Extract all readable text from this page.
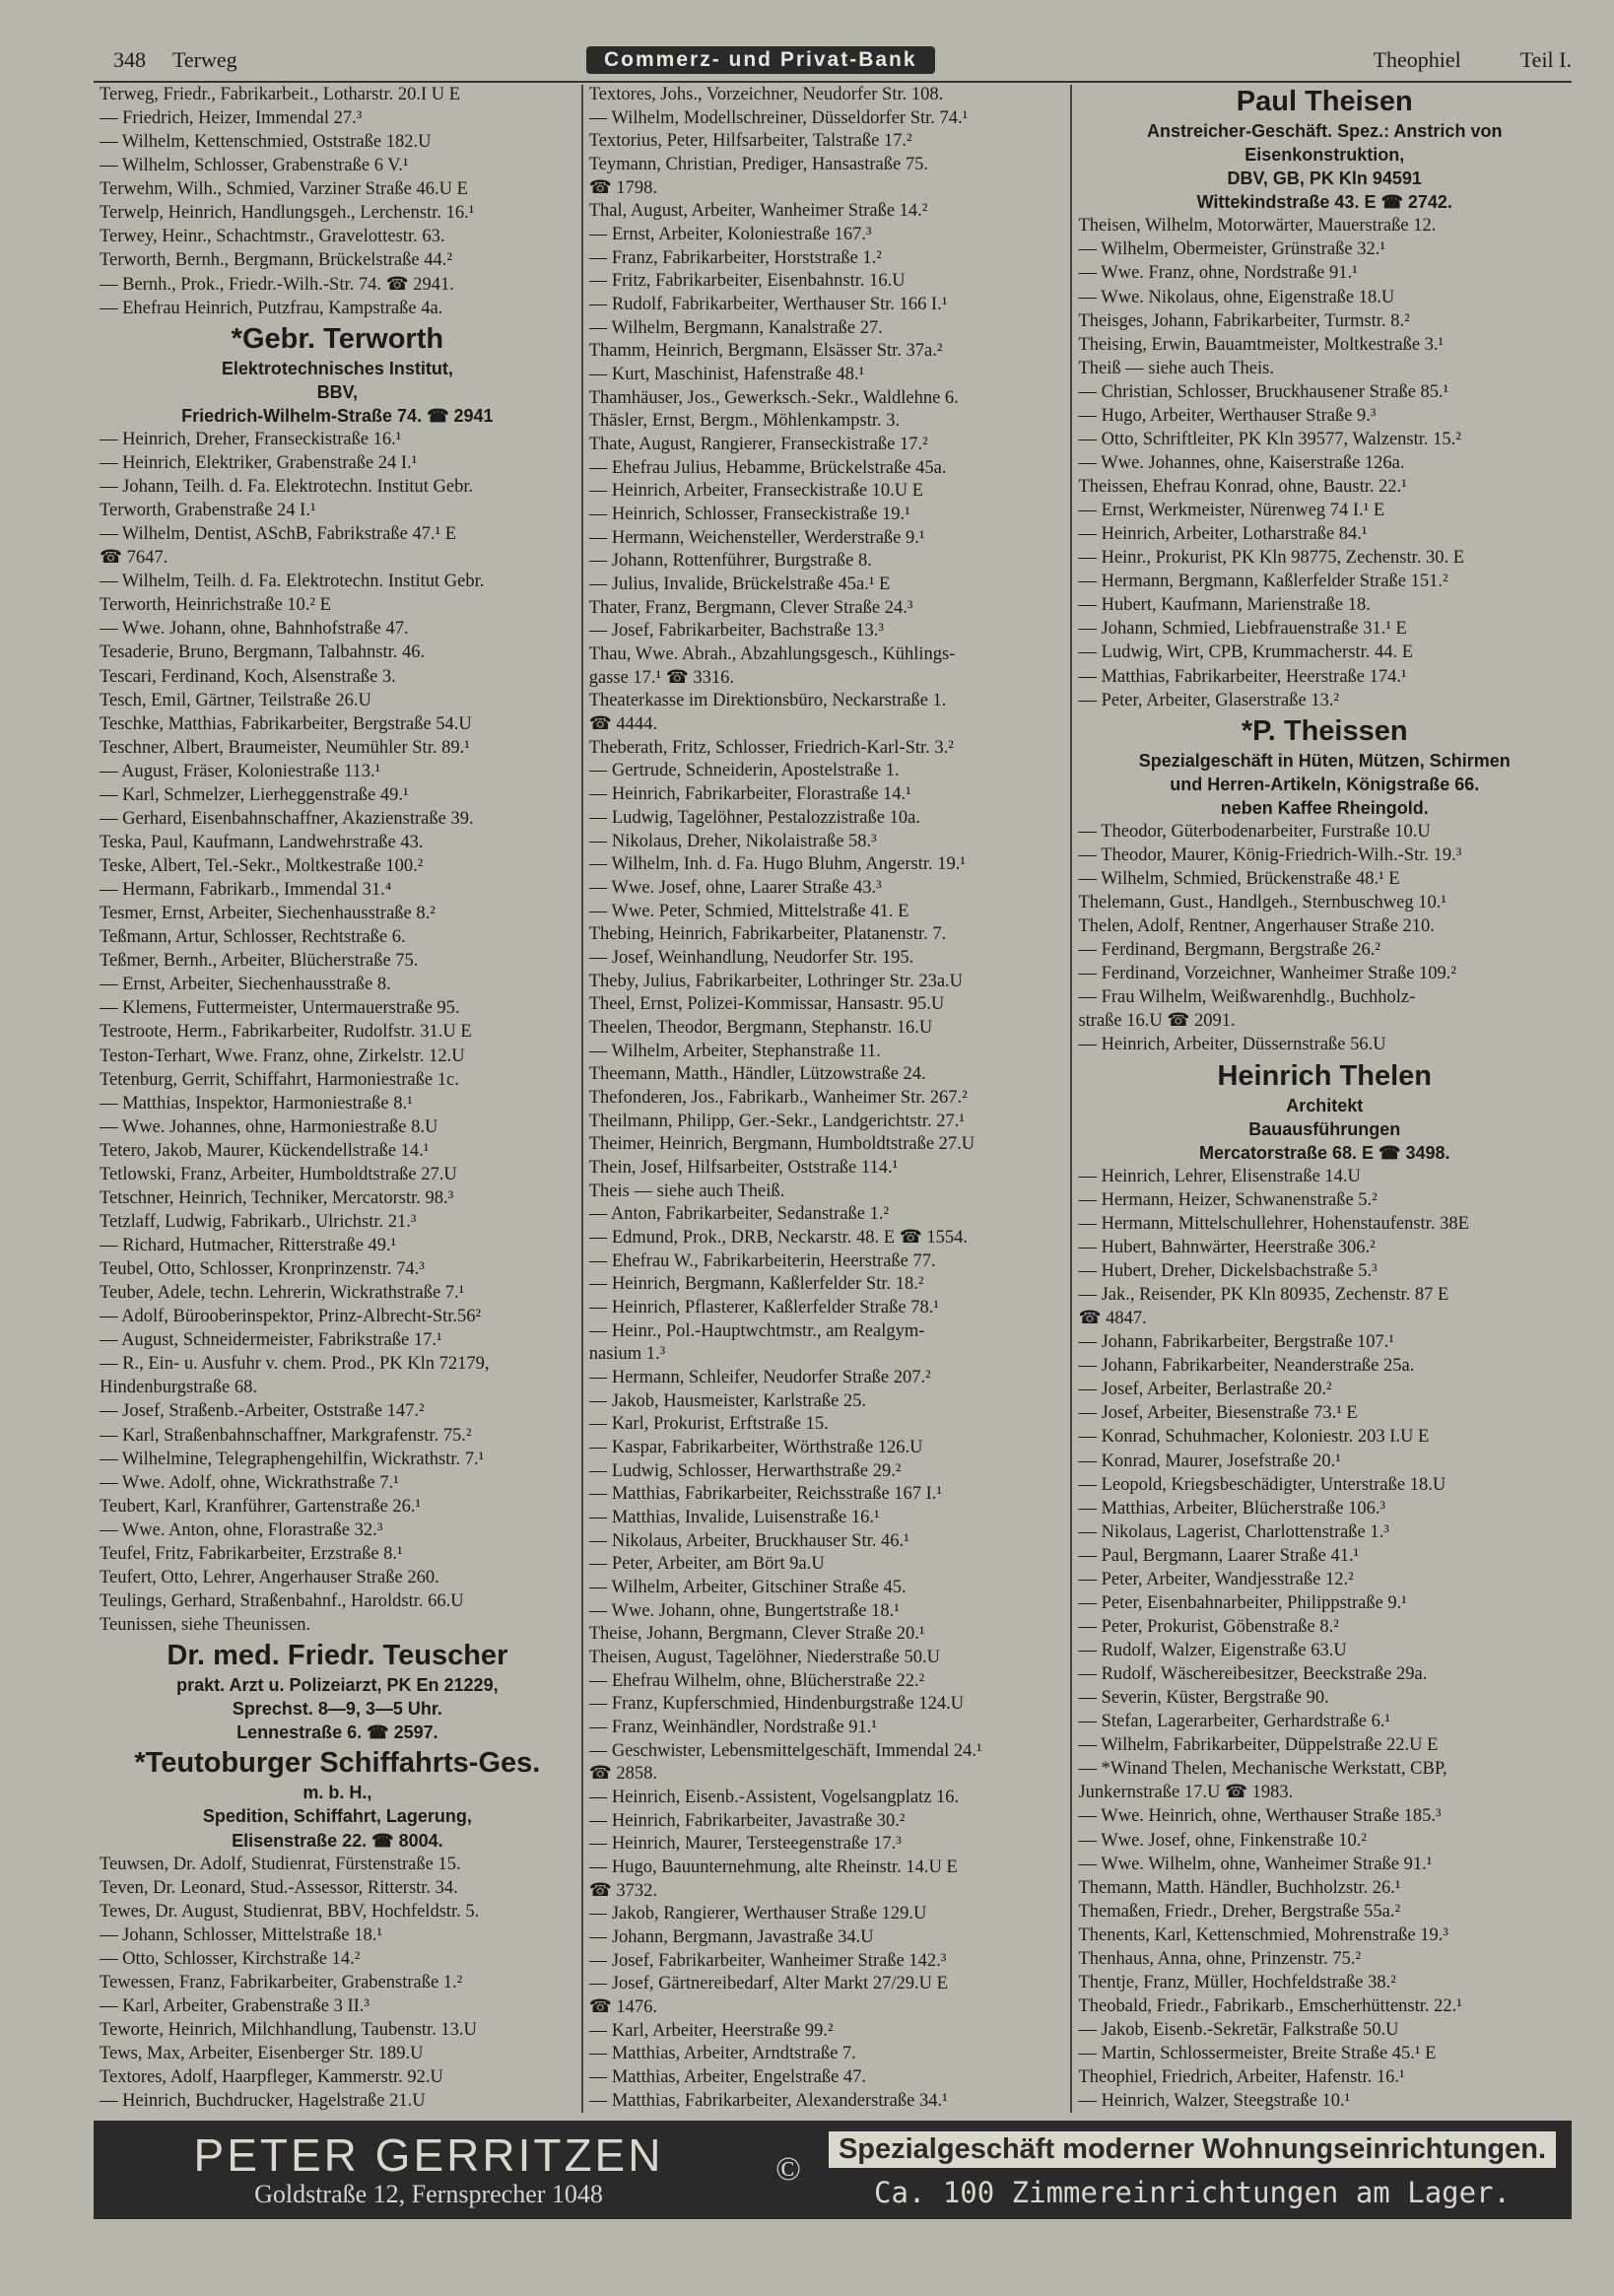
348	Terweg	Commerz- und Privat-Bank	Theophiel	Teil I.
Terweg, Friedr., Fabrikarbeit., Lotharstr. 20.I U E
— Friedrich, Heizer, Immendal 27.³
— Wilhelm, Kettenschmied, Oststraße 182.U
— Wilhelm, Schlosser, Grabenstraße 6 V.¹
Terwehm, Wilh., Schmied, Varziner Straße 46.U E
Terwelp, Heinrich, Handlungsgeh., Lerchenstr. 16.¹
Terwey, Heinr., Schachtmstr., Gravelottestr. 63.
Terworth, Bernh., Bergmann, Brückelstraße 44.²
— Bernh., Prok., Friedr.-Wilh.-Str. 74. ☎ 2941.
— Ehefrau Heinrich, Putzfrau, Kampstraße 4a.
*Gebr. Terworth
Elektrotechnisches Institut,
BBV,
Friedrich-Wilhelm-Straße 74. ☎ 2941
— Heinrich, Dreher, Franseckistraße 16.¹
— Heinrich, Elektriker, Grabenstraße 24 I.¹
— Johann, Teilh. d. Fa. Elektrotechn. Institut Gebr.
Terworth, Grabenstraße 24 I.¹
— Wilhelm, Dentist, ASchB, Fabrikstraße 47.¹ E
☎ 7647.
— Wilhelm, Teilh. d. Fa. Elektrotechn. Institut Gebr.
Terworth, Heinrichstraße 10.² E
— Wwe. Johann, ohne, Bahnhofstraße 47.
Tesaderie, Bruno, Bergmann, Talbahnstr. 46.
Tescari, Ferdinand, Koch, Alsenstraße 3.
Tesch, Emil, Gärtner, Teilstraße 26.U
Teschke, Matthias, Fabrikarbeiter, Bergstraße 54.U
Teschner, Albert, Braumeister, Neumühler Str. 89.¹
— August, Fräser, Koloniestraße 113.¹
— Karl, Schmelzer, Lierheggenstraße 49.¹
— Gerhard, Eisenbahnschaffner, Akazienstraße 39.
Teska, Paul, Kaufmann, Landwehrstraße 43.
Teske, Albert, Tel.-Sekr., Moltkestraße 100.²
— Hermann, Fabrikarb., Immendal 31.⁴
Tesmer, Ernst, Arbeiter, Siechenhausstraße 8.²
Teßmann, Artur, Schlosser, Rechtstraße 6.
Teßmer, Bernh., Arbeiter, Blücherstraße 75.
— Ernst, Arbeiter, Siechenhausstraße 8.
— Klemens, Futtermeister, Untermauerstraße 95.
Testroote, Herm., Fabrikarbeiter, Rudolfstr. 31.U E
Teston-Terhart, Wwe. Franz, ohne, Zirkelstr. 12.U
Tetenburg, Gerrit, Schiffahrt, Harmoniestraße 1c.
— Matthias, Inspektor, Harmoniestraße 8.¹
— Wwe. Johannes, ohne, Harmoniestraße 8.U
Tetero, Jakob, Maurer, Kückendellstraße 14.¹
Tetlowski, Franz, Arbeiter, Humboldtstraße 27.U
Tetschner, Heinrich, Techniker, Mercatorstr. 98.³
Tetzlaff, Ludwig, Fabrikarb., Ulrichstr. 21.³
— Richard, Hutmacher, Ritterstraße 49.¹
Teubel, Otto, Schlosser, Kronprinzenstr. 74.³
Teuber, Adele, techn. Lehrerin, Wickrathstraße 7.¹
— Adolf, Bürooberinspektor, Prinz-Albrecht-Str.56²
— August, Schneidermeister, Fabrikstraße 17.¹
— R., Ein- u. Ausfuhr v. chem. Prod., PK Kln 72179,
Hindenburgstraße 68.
— Josef, Straßenb.-Arbeiter, Oststraße 147.²
— Karl, Straßenbahnschaffner, Markgrafenstr. 75.²
— Wilhelmine, Telegraphengehilfin, Wickrathstr. 7.¹
— Wwe. Adolf, ohne, Wickrathstraße 7.¹
Teubert, Karl, Kranführer, Gartenstraße 26.¹
— Wwe. Anton, ohne, Florastraße 32.³
Teufel, Fritz, Fabrikarbeiter, Erzstraße 8.¹
Teufert, Otto, Lehrer, Angerhauser Straße 260.
Teulings, Gerhard, Straßenbahnf., Haroldstr. 66.U
Teunissen, siehe Theunissen.
Dr. med. Friedr. Teuscher
prakt. Arzt u. Polizeiarzt, PK En 21229,
Sprechst. 8—9, 3—5 Uhr.
Lennestraße 6. ☎ 2597.
*Teutoburger Schiffahrts-Ges.
m. b. H.,
Spedition, Schiffahrt, Lagerung,
Elisenstraße 22. ☎ 8004.
Teuwsen, Dr. Adolf, Studienrat, Fürstenstraße 15.
Teven, Dr. Leonard, Stud.-Assessor, Ritterstr. 34.
Tewes, Dr. August, Studienrat, BBV, Hochfeldstr. 5.
— Johann, Schlosser, Mittelstraße 18.¹
— Otto, Schlosser, Kirchstraße 14.²
Tewessen, Franz, Fabrikarbeiter, Grabenstraße 1.²
— Karl, Arbeiter, Grabenstraße 3 II.³
Teworte, Heinrich, Milchhandlung, Taubenstr. 13.U
Tews, Max, Arbeiter, Eisenberger Str. 189.U
Textores, Adolf, Haarpfleger, Kammerstr. 92.U
— Heinrich, Buchdrucker, Hagelstraße 21.U
Textores, Johs., Vorzeichner, Neudorfer Str. 108.
— Wilhelm, Modellschreiner, Düsseldorfer Str. 74.¹
Textorius, Peter, Hilfsarbeiter, Talstraße 17.²
Teymann, Christian, Prediger, Hansastraße 75.
☎ 1798.
Thal, August, Arbeiter, Wanheimer Straße 14.²
— Ernst, Arbeiter, Koloniestraße 167.³
— Franz, Fabrikarbeiter, Horststraße 1.²
— Fritz, Fabrikarbeiter, Eisenbahnstr. 16.U
— Rudolf, Fabrikarbeiter, Werthauser Str. 166 I.¹
— Wilhelm, Bergmann, Kanalstraße 27.
Thamm, Heinrich, Bergmann, Elsässer Str. 37a.²
— Kurt, Maschinist, Hafenstraße 48.¹
Thamhäuser, Jos., Gewerksch.-Sekr., Waldlehne 6.
Thäsler, Ernst, Bergm., Möhlenkampstr. 3.
Thate, August, Rangierer, Franseckistraße 17.²
— Ehefrau Julius, Hebamme, Brückelstraße 45a.
— Heinrich, Arbeiter, Franseckistraße 10.U E
— Heinrich, Schlosser, Franseckistraße 19.¹
— Hermann, Weichensteller, Werderstraße 9.¹
— Johann, Rottenführer, Burgstraße 8.
— Julius, Invalide, Brückelstraße 45a.¹ E
Thater, Franz, Bergmann, Clever Straße 24.³
— Josef, Fabrikarbeiter, Bachstraße 13.³
Thau, Wwe. Abrah., Abzahlungsgesch., Kühlings-
gasse 17.¹ ☎ 3316.
Theaterkasse im Direktionsbüro, Neckarstraße 1.
☎ 4444.
Theberath, Fritz, Schlosser, Friedrich-Karl-Str. 3.²
— Gertrude, Schneiderin, Apostelstraße 1.
— Heinrich, Fabrikarbeiter, Florastraße 14.¹
— Ludwig, Tagelöhner, Pestalozzistraße 10a.
— Nikolaus, Dreher, Nikolaistraße 58.³
— Wilhelm, Inh. d. Fa. Hugo Bluhm, Angerstr. 19.¹
— Wwe. Josef, ohne, Laarer Straße 43.³
— Wwe. Peter, Schmied, Mittelstraße 41. E
Thebing, Heinrich, Fabrikarbeiter, Platanenstr. 7.
— Josef, Weinhandlung, Neudorfer Str. 195.
Theby, Julius, Fabrikarbeiter, Lothringer Str. 23a.U
Theel, Ernst, Polizei-Kommissar, Hansastr. 95.U
Theelen, Theodor, Bergmann, Stephanstr. 16.U
— Wilhelm, Arbeiter, Stephanstraße 11.
Theemann, Matth., Händler, Lützowstraße 24.
Thefonderen, Jos., Fabrikarb., Wanheimer Str. 267.²
Theilmann, Philipp, Ger.-Sekr., Landgerichtstr. 27.¹
Theimer, Heinrich, Bergmann, Humboldtstraße 27.U
Thein, Josef, Hilfsarbeiter, Oststraße 114.¹
Theis — siehe auch Theiß.
— Anton, Fabrikarbeiter, Sedanstraße 1.²
— Edmund, Prok., DRB, Neckarstr. 48. E ☎ 1554.
— Ehefrau W., Fabrikarbeiterin, Heerstraße 77.
— Heinrich, Bergmann, Kaßlerfelder Str. 18.²
— Heinrich, Pflasterer, Kaßlerfelder Straße 78.¹
— Heinr., Pol.-Hauptwchtmstr., am Realgym-
nasium 1.³
— Hermann, Schleifer, Neudorfer Straße 207.²
— Jakob, Hausmeister, Karlstraße 25.
— Karl, Prokurist, Erftstraße 15.
— Kaspar, Fabrikarbeiter, Wörthstraße 126.U
— Ludwig, Schlosser, Herwarthstraße 29.²
— Matthias, Fabrikarbeiter, Reichsstraße 167 I.¹
— Matthias, Invalide, Luisenstraße 16.¹
— Nikolaus, Arbeiter, Bruckhauser Str. 46.¹
— Peter, Arbeiter, am Bört 9a.U
— Wilhelm, Arbeiter, Gitschiner Straße 45.
— Wwe. Johann, ohne, Bungertstraße 18.¹
Theise, Johann, Bergmann, Clever Straße 20.¹
Theisen, August, Tagelöhner, Niederstraße 50.U
— Ehefrau Wilhelm, ohne, Blücherstraße 22.²
— Franz, Kupferschmied, Hindenburgstraße 124.U
— Franz, Weinhändler, Nordstraße 91.¹
— Geschwister, Lebensmittelgeschäft, Immendal 24.¹
☎ 2858.
— Heinrich, Eisenb.-Assistent, Vogelsangplatz 16.
— Heinrich, Fabrikarbeiter, Javastraße 30.²
— Heinrich, Maurer, Tersteegenstraße 17.³
— Hugo, Bauunternehmung, alte Rheinstr. 14.U E
☎ 3732.
— Jakob, Rangierer, Werthauser Straße 129.U
— Johann, Bergmann, Javastraße 34.U
— Josef, Fabrikarbeiter, Wanheimer Straße 142.³
— Josef, Gärtnereibedarf, Alter Markt 27/29.U E
☎ 1476.
— Karl, Arbeiter, Heerstraße 99.²
— Matthias, Arbeiter, Arndtstraße 7.
— Matthias, Arbeiter, Engelstraße 47.
— Matthias, Fabrikarbeiter, Alexanderstraße 34.¹
Paul Theisen
Anstreicher-Geschäft. Spez.: Anstrich von
Eisenkonstruktion,
DBV, GB, PK Kln 94591
Wittekindstraße 43. E ☎ 2742.
Theisen, Wilhelm, Motorwärter, Mauerstraße 12.
— Wilhelm, Obermeister, Grünstraße 32.¹
— Wwe. Franz, ohne, Nordstraße 91.¹
— Wwe. Nikolaus, ohne, Eigenstraße 18.U
Theisges, Johann, Fabrikarbeiter, Turmstr. 8.²
Theising, Erwin, Bauamtmeister, Moltkestraße 3.¹
Theiß — siehe auch Theis.
— Christian, Schlosser, Bruckhausener Straße 85.¹
— Hugo, Arbeiter, Werthauser Straße 9.³
— Otto, Schriftleiter, PK Kln 39577, Walzenstr. 15.²
— Wwe. Johannes, ohne, Kaiserstraße 126a.
Theissen, Ehefrau Konrad, ohne, Baustr. 22.¹
— Ernst, Werkmeister, Nürenweg 74 I.¹ E
— Heinrich, Arbeiter, Lotharstraße 84.¹
— Heinr., Prokurist, PK Kln 98775, Zechenstr. 30. E
— Hermann, Bergmann, Kaßlerfelder Straße 151.²
— Hubert, Kaufmann, Marienstraße 18.
— Johann, Schmied, Liebfrauenstraße 31.¹ E
— Ludwig, Wirt, CPB, Krummacherstr. 44. E
— Matthias, Fabrikarbeiter, Heerstraße 174.¹
— Peter, Arbeiter, Glaserstraße 13.²
*P. Theissen
Spezialgeschäft in Hüten, Mützen, Schirmen
und Herren-Artikeln, Königstraße 66.
neben Kaffee Rheingold.
— Theodor, Güterbodenarbeiter, Furstraße 10.U
— Theodor, Maurer, König-Friedrich-Wilh.-Str. 19.³
— Wilhelm, Schmied, Brückenstraße 48.¹ E
Thelemann, Gust., Handlgeh., Sternbuschweg 10.¹
Thelen, Adolf, Rentner, Angerhauser Straße 210.
— Ferdinand, Bergmann, Bergstraße 26.²
— Ferdinand, Vorzeichner, Wanheimer Straße 109.²
— Frau Wilhelm, Weißwarenhdlg., Buchholz-
straße 16.U ☎ 2091.
— Heinrich, Arbeiter, Düssernstraße 56.U
Heinrich Thelen
Architekt
Bauausführungen
Mercatorstraße 68. E ☎ 3498.
— Heinrich, Lehrer, Elisenstraße 14.U
— Hermann, Heizer, Schwanenstraße 5.²
— Hermann, Mittelschullehrer, Hohenstaufenstr. 38E
— Hubert, Bahnwärter, Heerstraße 306.²
— Hubert, Dreher, Dickelsbachstraße 5.³
— Jak., Reisender, PK Kln 80935, Zechenstr. 87 E
☎ 4847.
— Johann, Fabrikarbeiter, Bergstraße 107.¹
— Johann, Fabrikarbeiter, Neanderstraße 25a.
— Josef, Arbeiter, Berlastraße 20.²
— Josef, Arbeiter, Biesenstraße 73.¹ E
— Konrad, Schuhmacher, Koloniestr. 203 I.U E
— Konrad, Maurer, Josefstraße 20.¹
— Leopold, Kriegsbeschädigter, Unterstraße 18.U
— Matthias, Arbeiter, Blücherstraße 106.³
— Nikolaus, Lagerist, Charlottenstraße 1.³
— Paul, Bergmann, Laarer Straße 41.¹
— Peter, Arbeiter, Wandjesstraße 12.²
— Peter, Eisenbahnarbeiter, Philippstraße 9.¹
— Peter, Prokurist, Göbenstraße 8.²
— Rudolf, Walzer, Eigenstraße 63.U
— Rudolf, Wäschereibesitzer, Beeckstraße 29a.
— Severin, Küster, Bergstraße 90.
— Stefan, Lagerarbeiter, Gerhardstraße 6.¹
— Wilhelm, Fabrikarbeiter, Düppelstraße 22.U E
— *Winand Thelen, Mechanische Werkstatt, CBP,
Junkernstraße 17.U ☎ 1983.
— Wwe. Heinrich, ohne, Werthauser Straße 185.³
— Wwe. Josef, ohne, Finkenstraße 10.²
— Wwe. Wilhelm, ohne, Wanheimer Straße 91.¹
Themann, Matth. Händler, Buchholzstr. 26.¹
Themaßen, Friedr., Dreher, Bergstraße 55a.²
Thenents, Karl, Kettenschmied, Mohrenstraße 19.³
Thenhaus, Anna, ohne, Prinzenstr. 75.²
Thentje, Franz, Müller, Hochfeldstraße 38.²
Theobald, Friedr., Fabrikarb., Emscherhüttenstr. 22.¹
— Jakob, Eisenb.-Sekretär, Falkstraße 50.U
— Martin, Schlossermeister, Breite Straße 45.¹ E
Theophiel, Friedrich, Arbeiter, Hafenstr. 16.¹
— Heinrich, Walzer, Steegstraße 10.¹
PETER GERRITZEN
Goldstraße 12, Fernsprecher 1048
©
Spezialgeschäft moderner Wohnungseinrichtungen.
Ca. 100 Zimmereinrichtungen am Lager.
